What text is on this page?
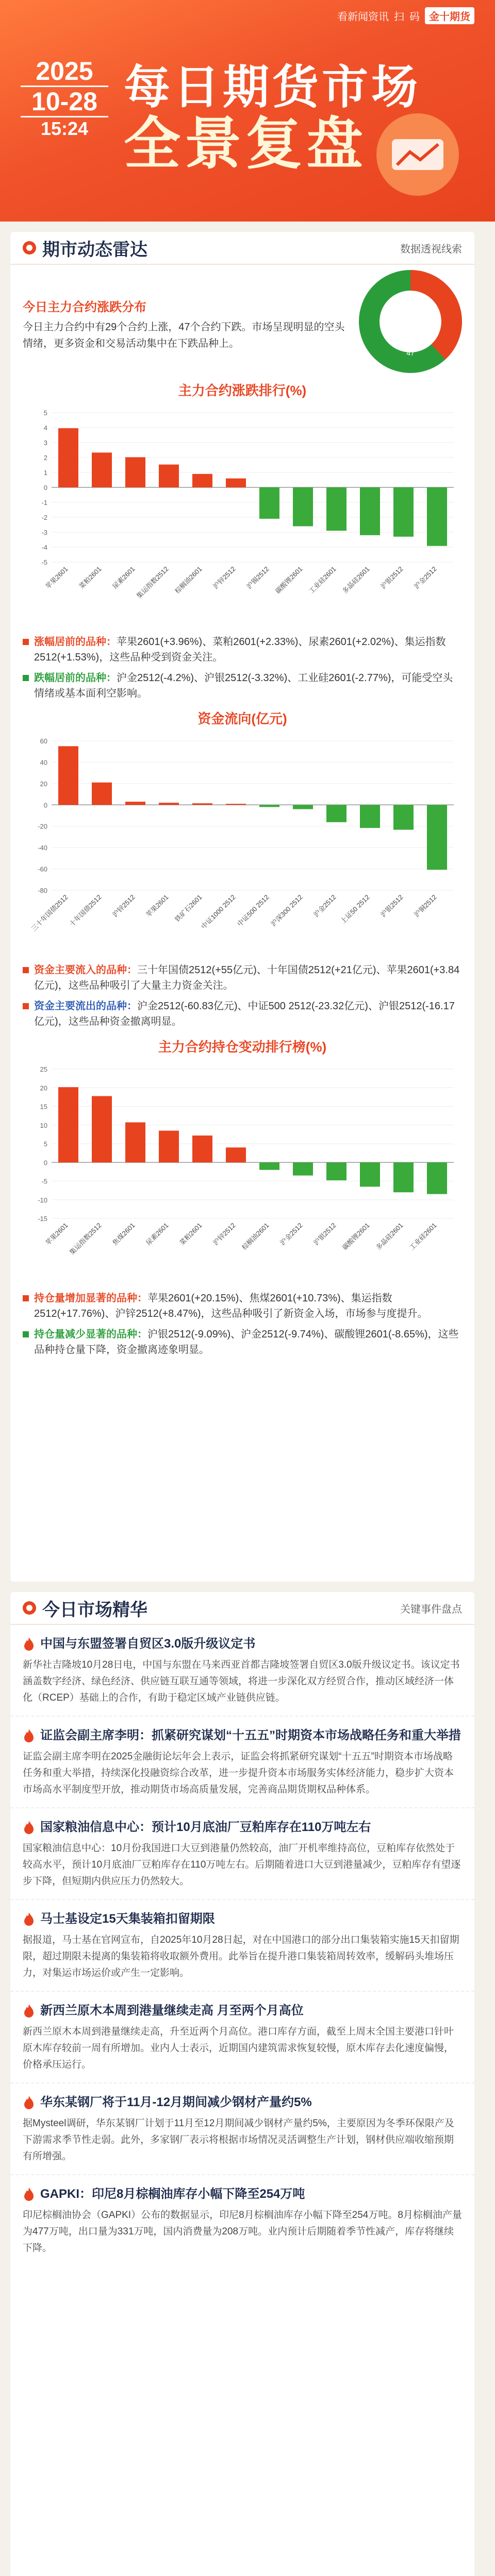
看新闻资讯 扫 码 金十期货
2025
10-28
15:24
每日期货市场
全景复盘
期市动态雷达	数据透视线索
今日主力合约涨跌分布
今日主力合约中有29个合约上涨，47个合约下跌。市场呈现明显的空头情绪，更多资金和交易活动集中在下跌品种上。
上涨合约
29
下跌合约
47
主力合约涨跌排行(%)
-5
-4
-3
-2
-1
0
1
2
3
4
5
苹果2601 菜粕2601 尿素2601
集运指数2512 棕榈油2601 沪锌2512 沪锡2512 碳酸锂2601 工业硅2601 多晶硅2601 沪银2512 沪金2512
涨幅居前的品种：苹果2601(+3.96%)、菜粕2601(+2.33%)、尿素2601(+2.02%)、集运指数2512(+1.53%)，这些品种受到资金关注。
跌幅居前的品种：沪金2512(-4.2%)、沪银2512(-3.32%)、工业硅2601(-2.77%)，可能受空头情绪或基本面利空影响。
资金流向(亿元)
-80
-60
-40
-20
0
20
40
60
三十年国债2512
十年国债2512 沪锌2512 苹果2601 铁矿石2601
中证1000 2512
中证500 2512
沪深300 2512 沪金2512 上证50 2512 沪银2512 沪铜2512
资金主要流入的品种：三十年国债2512(+55亿元)、十年国债2512(+21亿元)、苹果2601(+3.84亿元)，这些品种吸引了大量主力资金关注。
资金主要流出的品种：沪金2512(-60.83亿元)、中证500 2512(-23.32亿元)、沪银2512(-16.17亿元)，这些品种资金撤离明显。
主力合约持仓变动排行榜(%)
-15
-10
-5
0
5
10
15
20
25
苹果2601
集运指数2512 焦煤2601 尿素2601 菜粕2601 沪锌2512 棕榈油2601 沪金2512 沪银2512 碳酸锂2601 多晶硅2601 工业硅2601
持仓量增加显著的品种：苹果2601(+20.15%)、焦煤2601(+10.73%)、集运指数2512(+17.76%)、沪锌2512(+8.47%)，这些品种吸引了新资金入场，市场参与度提升。
持仓量减少显著的品种：沪银2512(-9.09%)、沪金2512(-9.74%)、碳酸锂2601(-8.65%)，这些品种持仓量下降，资金撤离迹象明显。
今日市场精华	关键事件盘点
中国与东盟签署自贸区3.0版升级议定书
新华社吉隆坡10月28日电，中国与东盟在马来西亚首都吉隆坡签署自贸区3.0版升级议定书。该议定书涵盖数字经济、绿色经济、供应链互联互通等领域，将进一步深化双方经贸合作，推动区域经济一体化（RCEP）基础上的合作，有助于稳定区域产业链供应链。
证监会副主席李明：抓紧研究谋划“十五五”时期资本市场战略任务和重大举措
证监会副主席李明在2025金融街论坛年会上表示，证监会将抓紧研究谋划“十五五”时期资本市场战略任务和重大举措，持续深化投融资综合改革，进一步提升资本市场服务实体经济能力，稳步扩大资本市场高水平制度型开放，推动期货市场高质量发展，完善商品期货期权品种体系。
国家粮油信息中心：预计10月底油厂豆粕库存在110万吨左右
国家粮油信息中心：10月份我国进口大豆到港量仍然较高，油厂开机率维持高位，豆粕库存依然处于较高水平，预计10月底油厂豆粕库存在110万吨左右。后期随着进口大豆到港量减少，豆粕库存有望逐步下降，但短期内供应压力仍然较大。
马士基设定15天集装箱扣留期限
据报道，马士基在官网宣布，自2025年10月28日起，对在中国港口的部分出口集装箱实施15天扣留期限，超过期限未提离的集装箱将收取额外费用。此举旨在提升港口集装箱周转效率，缓解码头堆场压力，对集运市场运价或产生一定影响。
新西兰原木本周到港量继续走高 月至两个月高位
新西兰原木本周到港量继续走高，升至近两个月高位。港口库存方面，截至上周末全国主要港口针叶原木库存较前一周有所增加。业内人士表示，近期国内建筑需求恢复较慢，原木库存去化速度偏慢，价格承压运行。
华东某钢厂将于11月-12月期间减少钢材产量约5%
据Mysteel调研，华东某钢厂计划于11月至12月期间减少钢材产量约5%，主要原因为冬季环保限产及下游需求季节性走弱。此外，多家钢厂表示将根据市场情况灵活调整生产计划，钢材供应端收缩预期有所增强。
GAPKI：印尼8月棕榈油库存小幅下降至254万吨
印尼棕榈油协会（GAPKI）公布的数据显示，印尼8月棕榈油库存小幅下降至254万吨。8月棕榈油产量为477万吨，出口量为331万吨，国内消费量为208万吨。业内预计后期随着季节性减产，库存将继续下降。
